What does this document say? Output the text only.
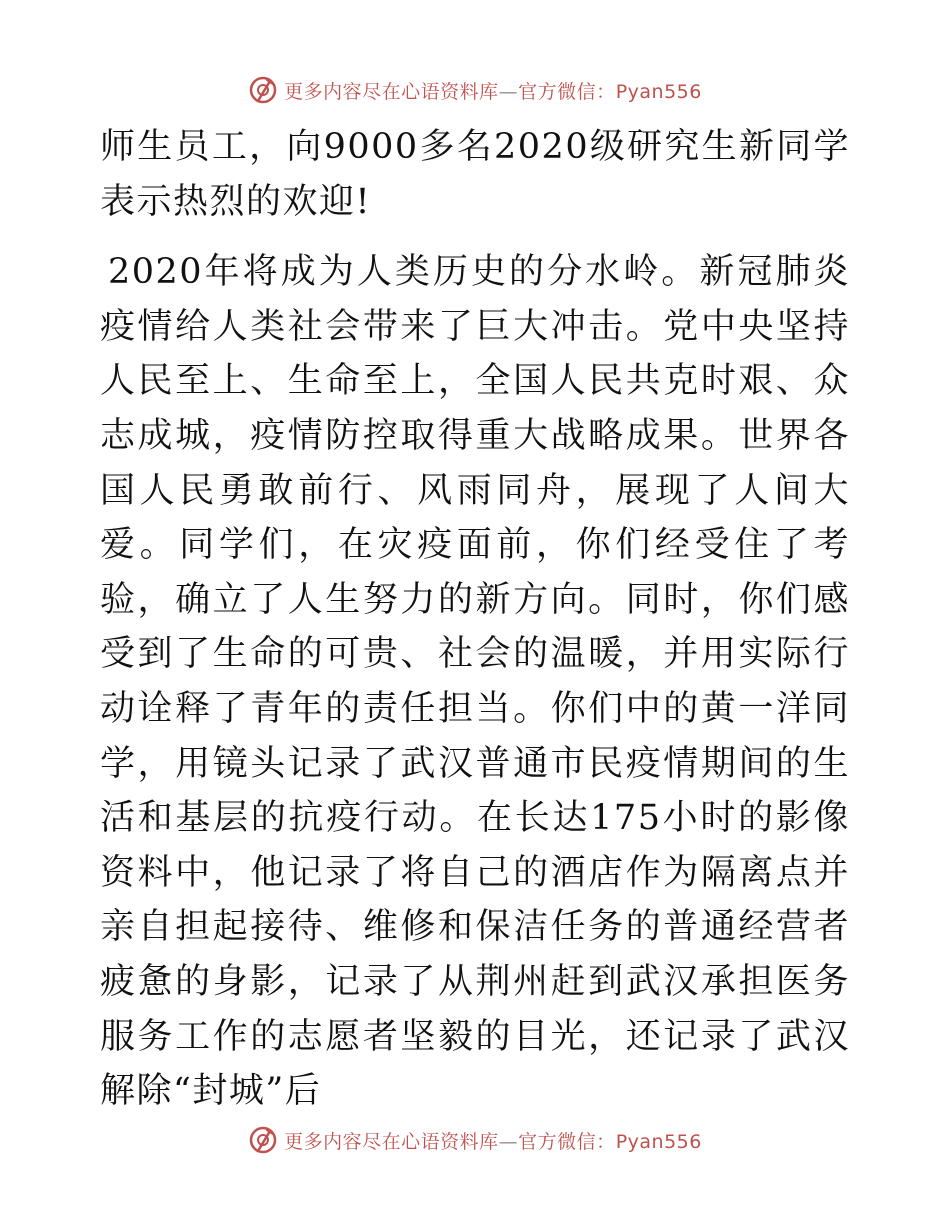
更多内容尽在心语资料库—官方微信：Pyan556

师生员工，向9000多名2020级研究生新同学表示热烈的欢迎!

2020年将成为人类历史的分水岭。新冠肺炎疫情给人类社会带来了巨大冲击。党中央坚持人民至上、生命至上，全国人民共克时艰、众志成城，疫情防控取得重大战略成果。世界各国人民勇敢前行、风雨同舟，展现了人间大爱。同学们，在灾疫面前，你们经受住了考验，确立了人生努力的新方向。同时，你们感受到了生命的可贵、社会的温暖，并用实际行动诠释了青年的责任担当。你们中的黄一洋同学，用镜头记录了武汉普通市民疫情期间的生活和基层的抗疫行动。在长达175小时的影像资料中，他记录了将自己的酒店作为隔离点并亲自担起接待、维修和保洁任务的普通经营者疲惫的身影，记录了从荆州赶到武汉承担医务服务工作的志愿者坚毅的目光，还记录了武汉解除“封城”后

更多内容尽在心语资料库—官方微信：Pyan556
